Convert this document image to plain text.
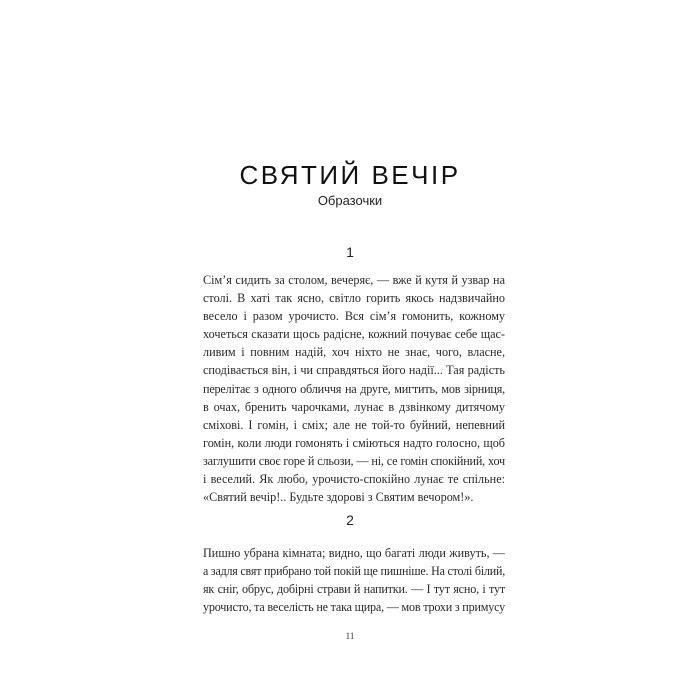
СВЯТИЙ ВЕЧІР
Образочки
1
Сім’я сидить за столом, вечеряє, — вже й кутя й узвар на
столі. В хаті так ясно, світло горить якось надзвичайно
весело і разом урочисто. Вся сім’я гомонить, кожному
хочеться сказати щось радісне, кожний почуває себе щас-
ливим і повним надій, хоч ніхто не знає, чого, власне,
сподівається він, і чи справдяться його надії... Тая радість
перелітає з одного обличчя на друге, мигтить, мов зірниця,
в очах, бренить чарочками, лунає в дзвінкому дитячому
сміхові. І гомін, і сміх; але не той-то буйний, непевний
гомін, коли люди гомонять і сміються надто голосно, щоб
заглушити своє горе й сльози, — ні, се гомін спокійний, хоч
і веселий. Як любо, урочисто-спокійно лунає те спільне:
«Святий вечір!.. Будьте здорові з Святим вечором!».
2
Пишно убрана кімната; видно, що багаті люди живуть, —
а задля свят прибрано той покій ще пишніше. На столі білий,
як сніг, обрус, добірні страви й напитки. — І тут ясно, і тут
урочисто, та веселість не така щира, — мов трохи з примусу
11
